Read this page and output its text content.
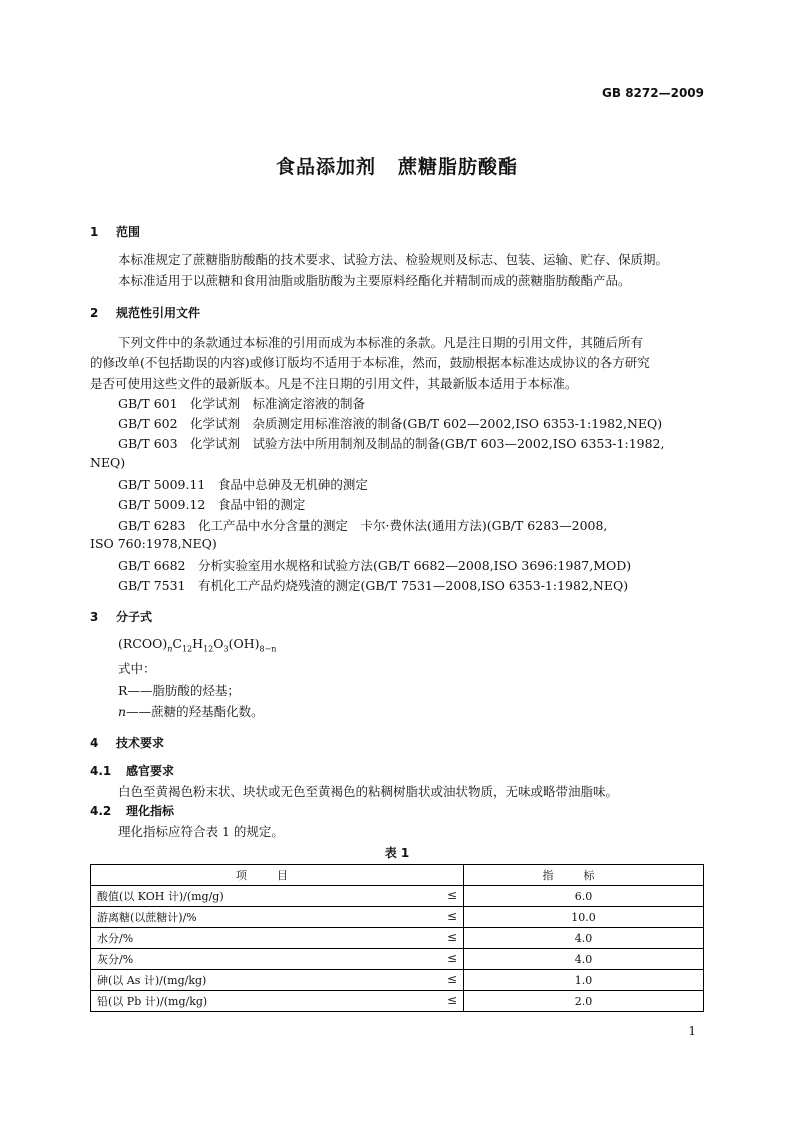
GB 8272—2009
食品添加剂 蔗糖脂肪酸酯
1 范围
本标准规定了蔗糖脂肪酸酯的技术要求、试验方法、检验规则及标志、包装、运输、贮存、保质期。
本标准适用于以蔗糖和食用油脂或脂肪酸为主要原料经酯化并精制而成的蔗糖脂肪酸酯产品。
2 规范性引用文件
下列文件中的条款通过本标准的引用而成为本标准的条款。凡是注日期的引用文件，其随后所有
的修改单(不包括勘误的内容)或修订版均不适用于本标准，然而，鼓励根据本标准达成协议的各方研究
是否可使用这些文件的最新版本。凡是不注日期的引用文件，其最新版本适用于本标准。
GB/T 601　化学试剂　标准滴定溶液的制备
GB/T 602　化学试剂　杂质测定用标准溶液的制备(GB/T 602—2002,ISO 6353-1:1982,NEQ)
GB/T 603　化学试剂　试验方法中所用制剂及制品的制备(GB/T 603—2002,ISO 6353-1:1982,
NEQ)
GB/T 5009.11　食品中总砷及无机砷的测定
GB/T 5009.12　食品中铅的测定
GB/T 6283　化工产品中水分含量的测定　卡尔·费休法(通用方法)(GB/T 6283—2008,
ISO 760:1978,NEQ)
GB/T 6682　分析实验室用水规格和试验方法(GB/T 6682—2008,ISO 3696:1987,MOD)
GB/T 7531　有机化工产品灼烧残渣的测定(GB/T 7531—2008,ISO 6353-1:1982,NEQ)
3 分子式
$(RCOO)_nC_{12}H_{12}O_3(OH)_{8-n}$
式中：
R——脂肪酸的烃基；
n——蔗糖的羟基酯化数。
4 技术要求
4.1 感官要求
白色至黄褐色粉末状、块状或无色至黄褐色的粘稠树脂状或油状物质，无味或略带油脂味。
4.2 理化指标
理化指标应符合表 1 的规定。
表 1
项目	指标
酸值(以 KOH 计)/(mg/g) ≤	6.0
游离糖(以蔗糖计)/% ≤	10.0
水分/% ≤	4.0
灰分/% ≤	4.0
砷(以 As 计)/(mg/kg) ≤	1.0
铅(以 Pb 计)/(mg/kg) ≤	2.0
1
